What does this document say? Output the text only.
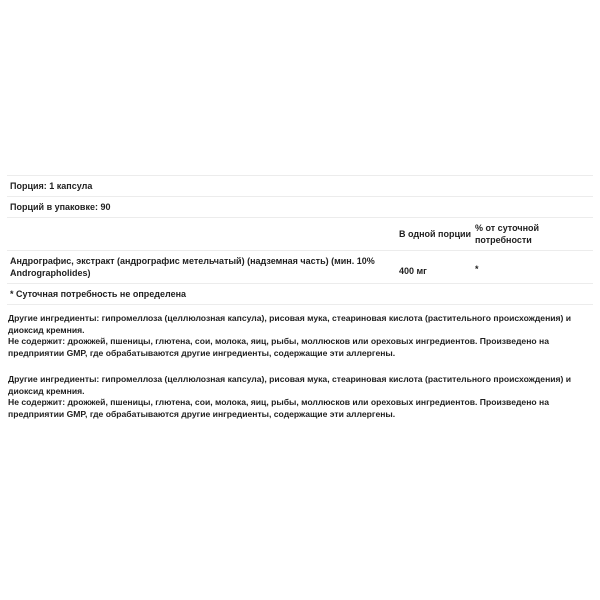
Порция: 1 капсула
Порций в упаковке: 90
В одной порции
% от суточной потребности
Андрографис, экстракт (андрографис метельчатый) (надземная часть) (мин. 10% Andrographolides)	400 мг	*
* Суточная потребность не определена

Другие ингредиенты: гипромеллоза (целлюлозная капсула), рисовая мука, стеариновая кислота (растительного происхождения) и диоксид кремния.

Не содержит: дрожжей, пшеницы, глютена, сои, молока, яиц, рыбы, моллюсков или ореховых ингредиентов. Произведено на предприятии GMP, где обрабатываются другие ингредиенты, содержащие эти аллергены.

Другие ингредиенты: гипромеллоза (целлюлозная капсула), рисовая мука, стеариновая кислота (растительного происхождения) и диоксид кремния.

Не содержит: дрожжей, пшеницы, глютена, сои, молока, яиц, рыбы, моллюсков или ореховых ингредиентов. Произведено на предприятии GMP, где обрабатываются другие ингредиенты, содержащие эти аллергены.
